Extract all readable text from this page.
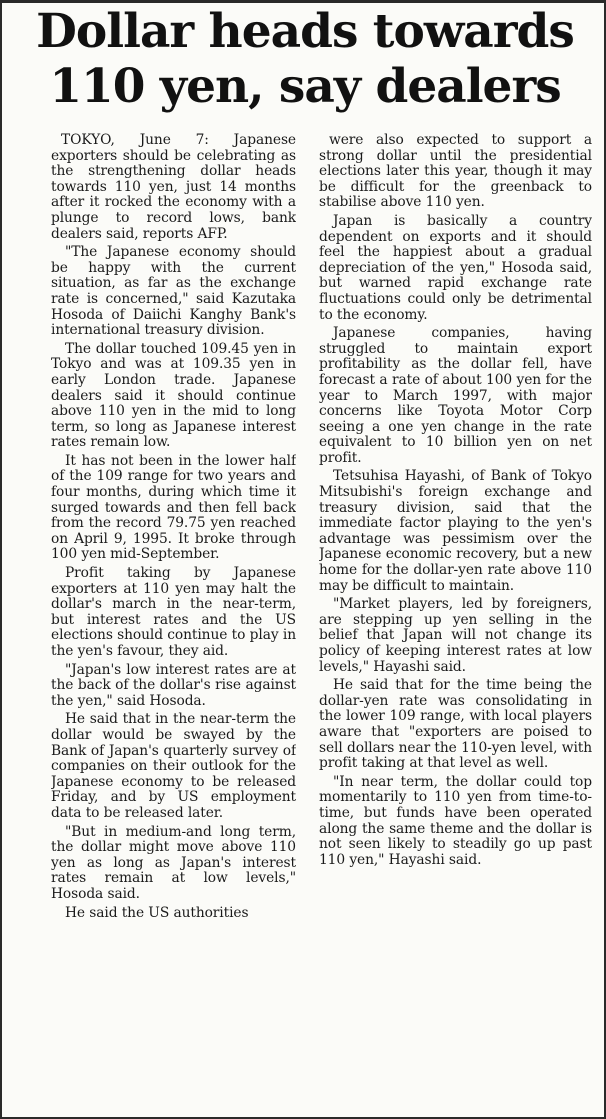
Dollar heads towards
110 yen, say dealers

TOKYO, June 7: Japanese exporters should be celebrating as the strengthening dollar heads towards 110 yen, just 14 months after it rocked the economy with a plunge to record lows, bank dealers said, reports AFP.

"The Japanese economy should be happy with the current situation, as far as the exchange rate is concerned," said Kazutaka Hosoda of Daiichi Kanghy Bank's international treasury division.

The dollar touched 109.45 yen in Tokyo and was at 109.35 yen in early London trade. Japanese dealers said it should continue above 110 yen in the mid to long term, so long as Japanese interest rates remain low.

It has not been in the lower half of the 109 range for two years and four months, during which time it surged towards and then fell back from the record 79.75 yen reached on April 9, 1995. It broke through 100 yen mid-September.

Profit taking by Japanese exporters at 110 yen may halt the dollar's march in the near-term, but interest rates and the US elections should continue to play in the yen's favour, they aid.

"Japan's low interest rates are at the back of the dollar's rise against the yen," said Hosoda.

He said that in the near-term the dollar would be swayed by the Bank of Japan's quarterly survey of companies on their outlook for the Japanese economy to be released Friday, and by US employment data to be released later.

"But in medium-and long term, the dollar might move above 110 yen as long as Japan's interest rates remain at low levels," Hosoda said.

He said the US authorities

were also expected to support a strong dollar until the presidential elections later this year, though it may be difficult for the greenback to stabilise above 110 yen.

Japan is basically a country dependent on exports and it should feel the happiest about a gradual depreciation of the yen," Hosoda said, but warned rapid exchange rate fluctuations could only be detrimental to the economy.

Japanese companies, having struggled to maintain export profitability as the dollar fell, have forecast a rate of about 100 yen for the year to March 1997, with major concerns like Toyota Motor Corp seeing a one yen change in the rate equivalent to 10 billion yen on net profit.

Tetsuhisa Hayashi, of Bank of Tokyo Mitsubishi's foreign exchange and treasury division, said that the immediate factor playing to the yen's advantage was pessimism over the Japanese economic recovery, but a new home for the dollar-yen rate above 110 may be difficult to maintain.

"Market players, led by foreigners, are stepping up yen selling in the belief that Japan will not change its policy of keeping interest rates at low levels," Hayashi said.

He said that for the time being the dollar-yen rate was consolidating in the lower 109 range, with local players aware that "exporters are poised to sell dollars near the 110-yen level, with profit taking at that level as well.

"In near term, the dollar could top momentarily to 110 yen from time-to-time, but funds have been operated along the same theme and the dollar is not seen likely to steadily go up past 110 yen," Hayashi said.
